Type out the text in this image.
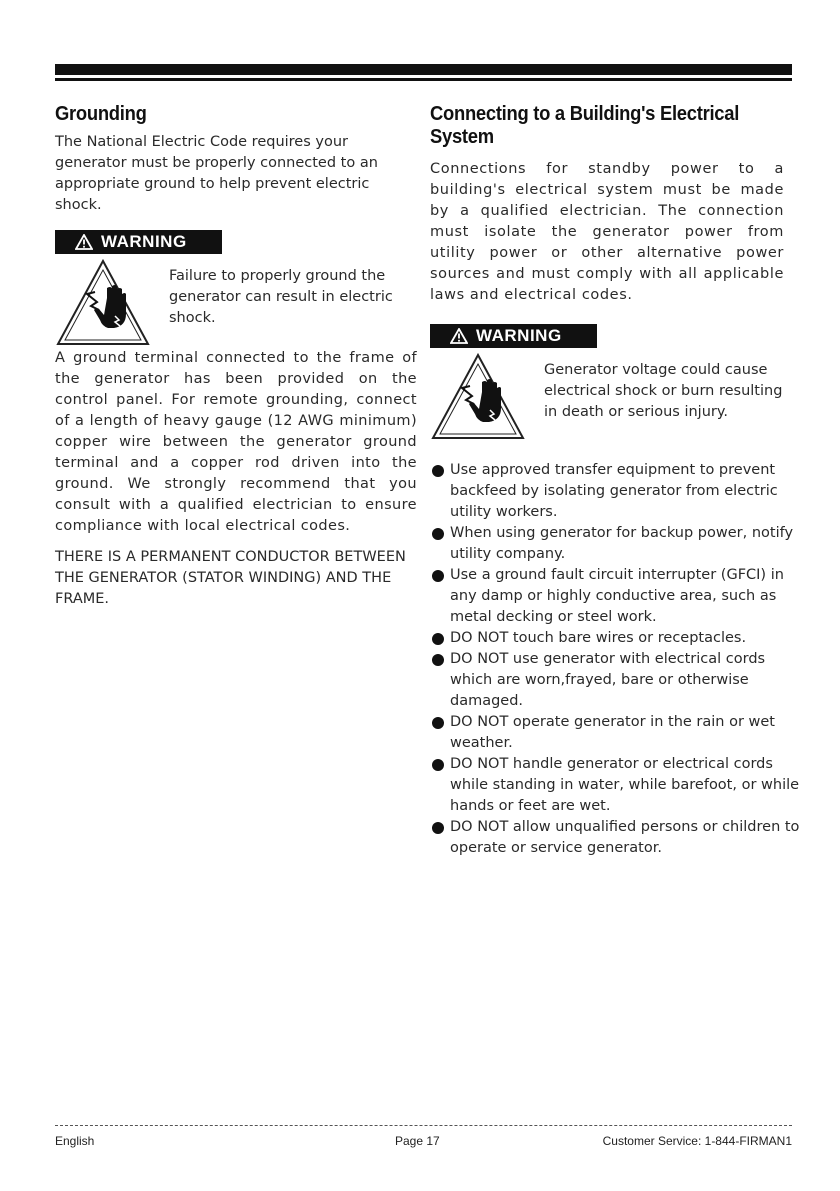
Grounding

The National Electric Code requires your generator must be properly connected to an appropriate ground to help prevent electric shock.

WARNING
Failure to properly ground the generator can result in electric shock.

A ground terminal connected to the frame of the generator has been provided on the control panel. For remote grounding, connect of a length of heavy gauge (12 AWG minimum) copper wire between the generator ground terminal and a copper rod driven into the ground. We strongly recommend that you consult with a qualified electrician to ensure compliance with local electrical codes.

THERE IS A PERMANENT CONDUCTOR BETWEEN THE GENERATOR (STATOR WINDING) AND THE FRAME.

Connecting to a Building's Electrical System

Connections for standby power to a building's electrical system must be made by a qualified electrician. The connection must isolate the generator power from utility power or other alternative power sources and must comply with all applicable laws and electrical codes.

WARNING
Generator voltage could cause electrical shock or burn resulting in death or serious injury.
Use approved transfer equipment to prevent backfeed by isolating generator from electric utility workers.
When using generator for backup power, notify utility company.
Use a ground fault circuit interrupter (GFCI) in any damp or highly conductive area, such as metal decking or steel work.
DO NOT touch bare wires or receptacles.
DO NOT use generator with electrical cords which are worn,frayed, bare or otherwise damaged.
DO NOT operate generator in the rain or wet weather.
DO NOT handle generator or electrical cords while standing in water, while barefoot, or while hands or feet are wet.
DO NOT allow unqualified persons or children to operate or service generator.
English	Page 17	Customer Service: 1-844-FIRMAN1
